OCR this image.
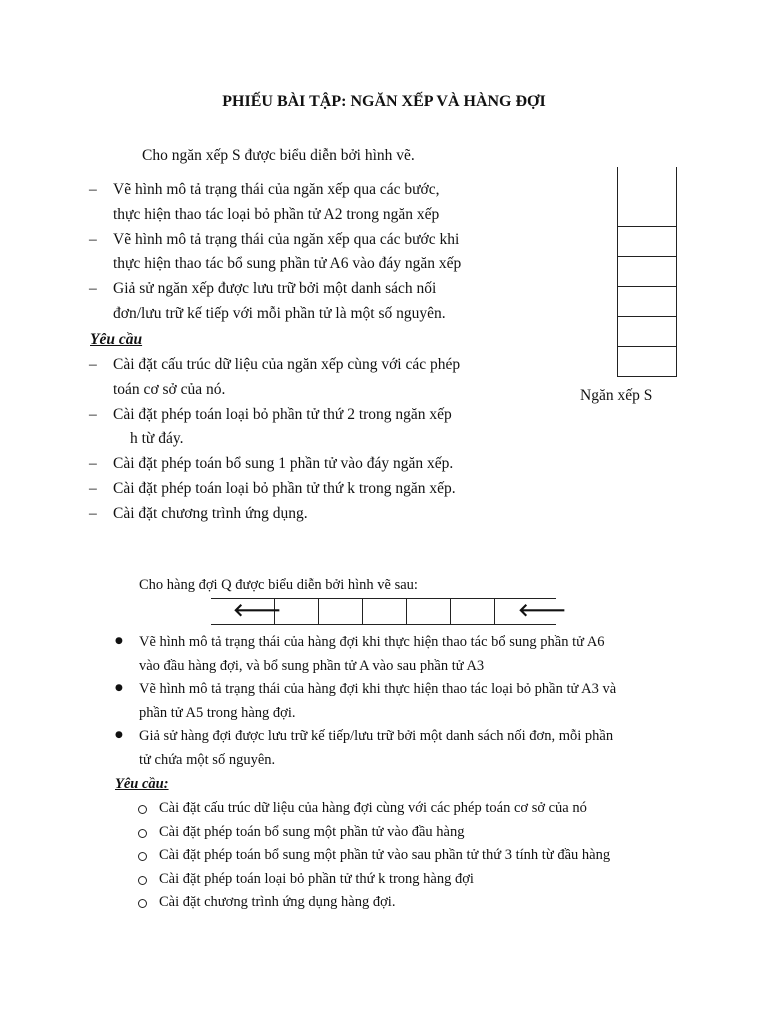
PHIẾU BÀI TẬP: NGĂN XẾP VÀ HÀNG ĐỢI
Cho ngăn xếp S được biểu diễn bởi hình vẽ.
– Vẽ hình mô tả trạng thái của ngăn xếp qua các bước,
thực hiện thao tác loại bỏ phần tử A2 trong ngăn xếp
– Vẽ hình mô tả trạng thái của ngăn xếp qua các bước khi
thực hiện thao tác bổ sung phần tử A6 vào đáy ngăn xếp
– Giả sử ngăn xếp được lưu trữ bởi một danh sách nối
đơn/lưu trữ kế tiếp với mỗi phần tử là một số nguyên.
Yêu cầu
– Cài đặt cấu trúc dữ liệu của ngăn xếp cùng với các phép
toán cơ sở của nó.
– Cài đặt phép toán loại bỏ phần tử thứ 2 trong ngăn xếp
h từ đáy.
– Cài đặt phép toán bổ sung 1 phần tử vào đáy ngăn xếp.
– Cài đặt phép toán loại bỏ phần tử thứ k trong ngăn xếp.
– Cài đặt chương trình ứng dụng.
Ngăn xếp S
Cho hàng đợi Q được biểu diễn bởi hình vẽ sau:
🡐	🡐
● Vẽ hình mô tả trạng thái của hàng đợi khi thực hiện thao tác bổ sung phần tử A6
vào đầu hàng đợi, và bổ sung phần tử A vào sau phần tử A3
● Vẽ hình mô tả trạng thái của hàng đợi khi thực hiện thao tác loại bỏ phần tử A3 và
phần tử A5 trong hàng đợi.
● Giả sử hàng đợi được lưu trữ kế tiếp/lưu trữ bởi một danh sách nối đơn, mỗi phần
tử chứa một số nguyên.
Yêu cầu:
Cài đặt cấu trúc dữ liệu của hàng đợi cùng với các phép toán cơ sở của nó
Cài đặt phép toán bổ sung một phần tử vào đầu hàng
Cài đặt phép toán bổ sung một phần tử vào sau phần tử thứ 3 tính từ đầu hàng
Cài đặt phép toán loại bỏ phần tử thứ k trong hàng đợi
Cài đặt chương trình ứng dụng hàng đợi.
